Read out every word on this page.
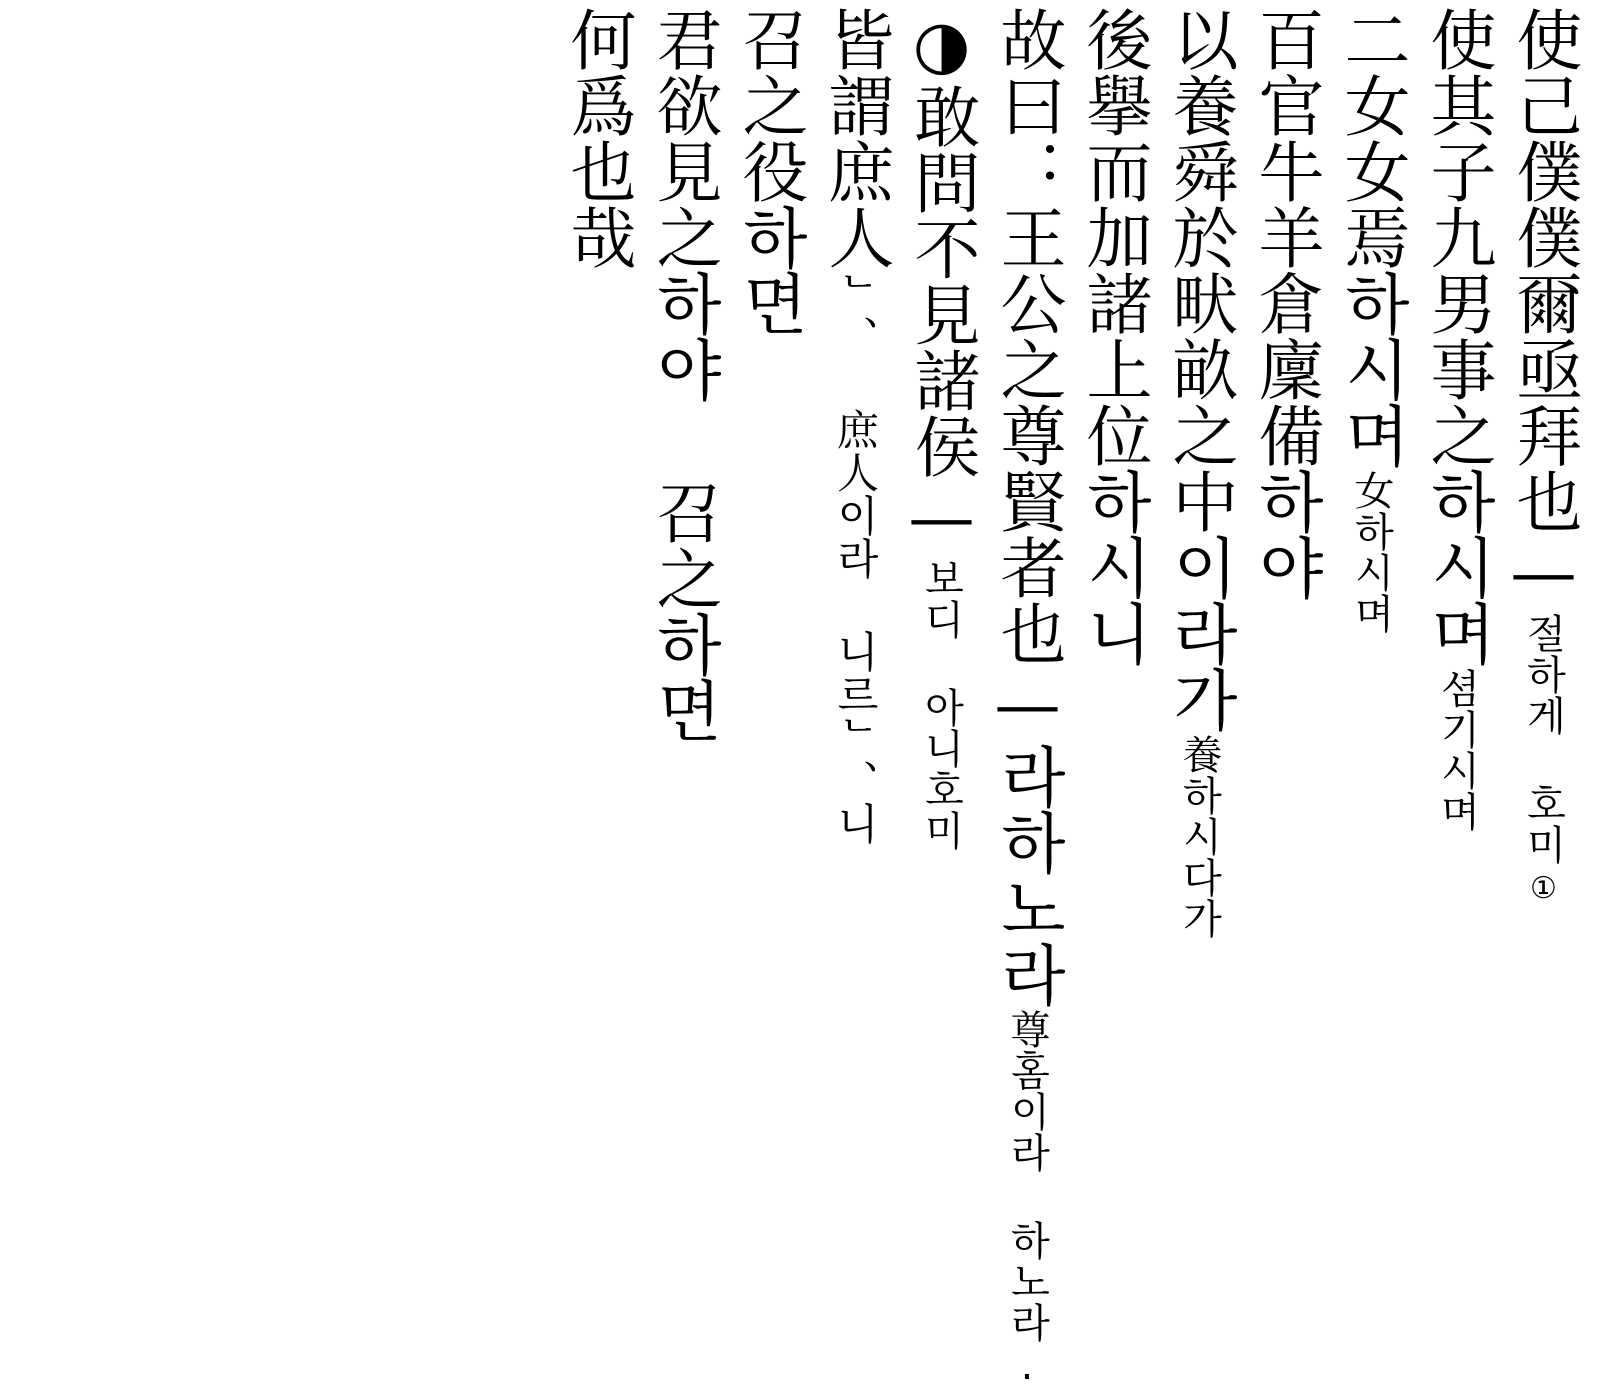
使己僕僕爾亟拜也—
절하게 호미
①
使其子九男事之하시며
셤기시며
二女女焉하시며
女하시며
百官牛羊倉廩備하야
以養舜於畎畝之中이라가
養하시다가
後擧而加諸上位하시니
故曰：王公之尊賢者也—라하노라
尊홈이라 하노라.
◑敢問不見諸侯—
보디 아니호미
皆謂庶人
ᄂ、 庶人이라 니르ᄂ、니
召之役하면
君欲見之하야 召之하면
何爲也哉
